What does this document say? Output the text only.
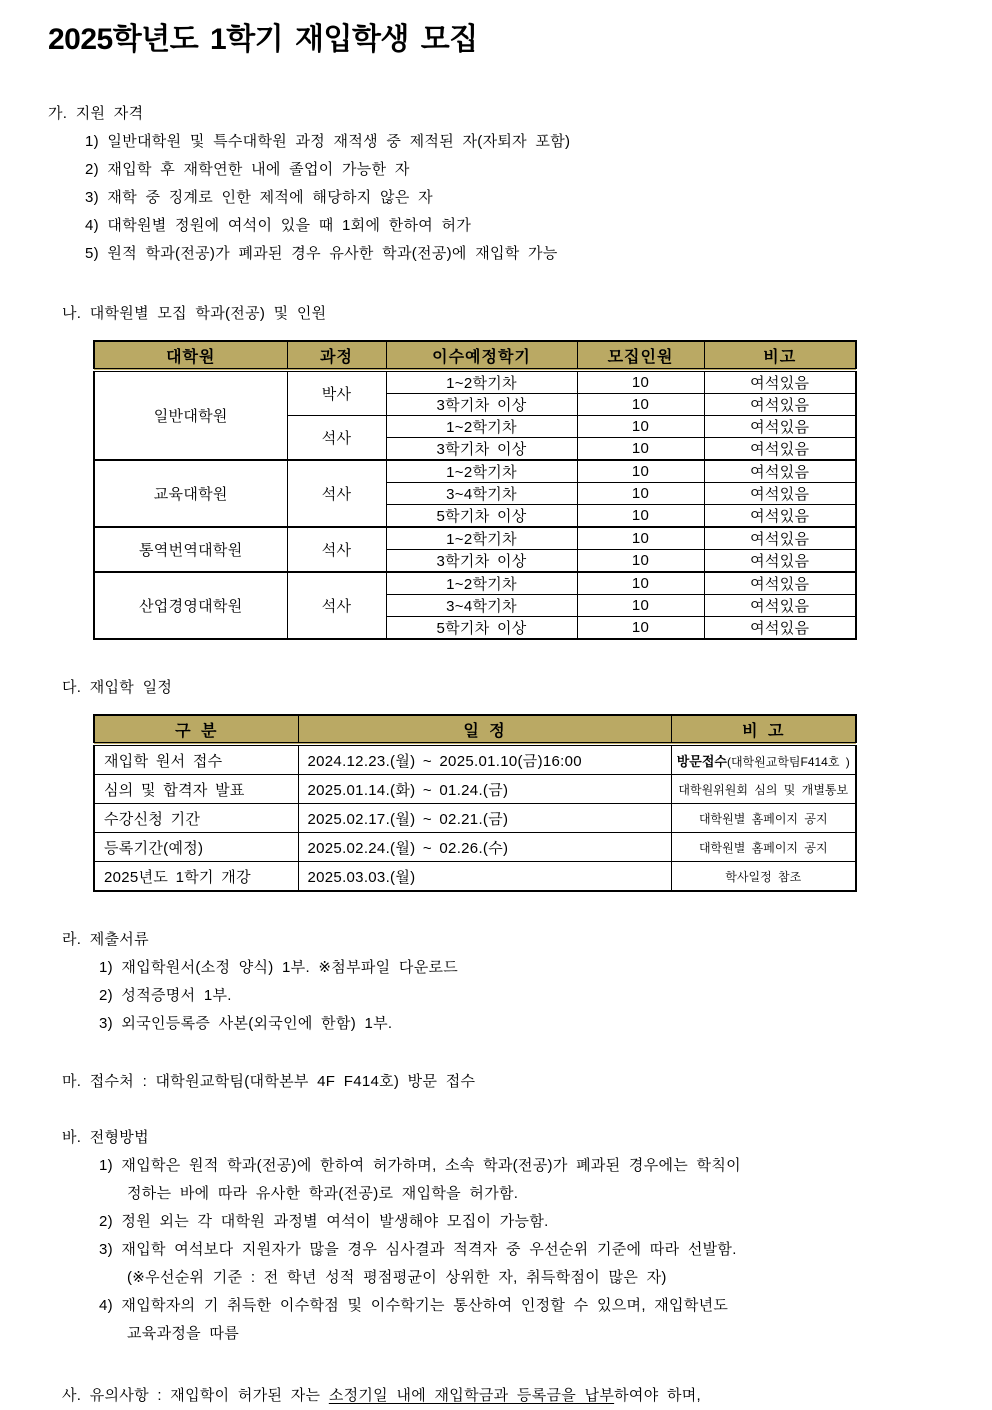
2025학년도 1학기 재입학생 모집
가. 지원 자격
1) 일반대학원 및 특수대학원 과정 재적생 중 제적된 자(자퇴자 포함)
2) 재입학 후 재학연한 내에 졸업이 가능한 자
3) 재학 중 징계로 인한 제적에 해당하지 않은 자
4) 대학원별 정원에 여석이 있을 때 1회에 한하여 허가
5) 원적 학과(전공)가 폐과된 경우 유사한 학과(전공)에 재입학 가능
나. 대학원별 모집 학과(전공) 및 인원
대학원	과정	이수예정학기	모집인원	비고
일반대학원	박사	1~2학기차	10	여석있음
		3학기차 이상	10	여석있음
	석사	1~2학기차	10	여석있음
		3학기차 이상	10	여석있음
교육대학원	석사	1~2학기차	10	여석있음
		3~4학기차	10	여석있음
		5학기차 이상	10	여석있음
통역번역대학원	석사	1~2학기차	10	여석있음
		3학기차 이상	10	여석있음
산업경영대학원	석사	1~2학기차	10	여석있음
		3~4학기차	10	여석있음
		5학기차 이상	10	여석있음
다. 재입학 일정
구 분	일 정	비 고
재입학 원서 접수	2024.12.23.(월) ~ 2025.01.10(금)16:00	방문접수(대학원교학팀F414호 )
심의 및 합격자 발표	2025.01.14.(화) ~ 01.24.(금)	대학원위원회 심의 및 개별통보
수강신청 기간	2025.02.17.(월) ~ 02.21.(금)	대학원별 홈페이지 공지
등록기간(예정)	2025.02.24.(월) ~ 02.26.(수)	대학원별 홈페이지 공지
2025년도 1학기 개강	2025.03.03.(월)	학사일정 참조
라. 제출서류
1) 재입학원서(소정 양식) 1부. ※첨부파일 다운로드
2) 성적증명서 1부.
3) 외국인등록증 사본(외국인에 한함) 1부.
마. 접수처 : 대학원교학팀(대학본부 4F F414호) 방문 접수
바. 전형방법
1) 재입학은 원적 학과(전공)에 한하여 허가하며, 소속 학과(전공)가 폐과된 경우에는 학칙이
정하는 바에 따라 유사한 학과(전공)로 재입학을 허가함.
2) 정원 외는 각 대학원 과정별 여석이 발생해야 모집이 가능함.
3) 재입학 여석보다 지원자가 많을 경우 심사결과 적격자 중 우선순위 기준에 따라 선발함.
(※우선순위 기준 : 전 학년 성적 평점평균이 상위한 자, 취득학점이 많은 자)
4) 재입학자의 기 취득한 이수학점 및 이수학기는 통산하여 인정할 수 있으며, 재입학년도
교육과정을 따름
사. 유의사항 : 재입학이 허가된 자는 소정기일 내에 재입학금과 등록금을 납부하여야 하며,
